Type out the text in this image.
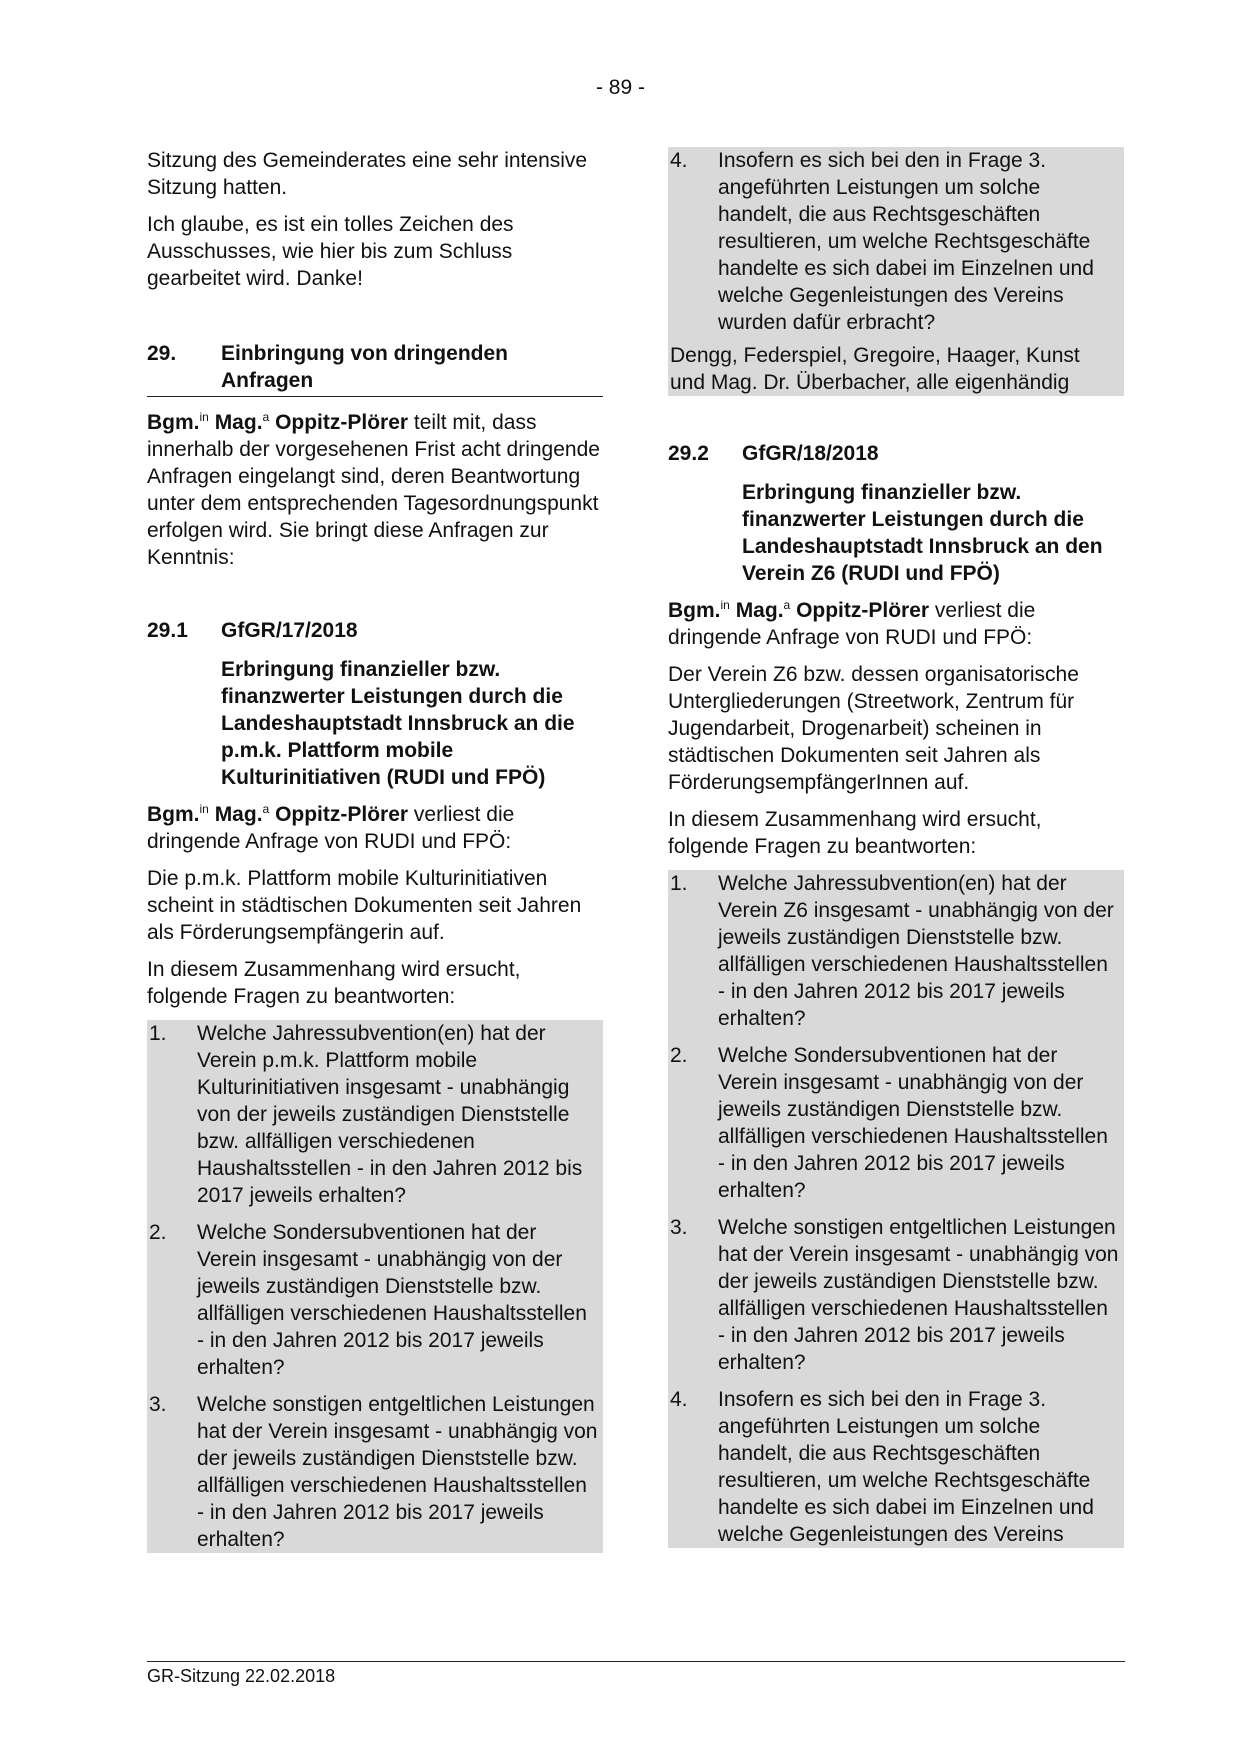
- 89 -

Sitzung des Gemeinderates eine sehr intensive Sitzung hatten.

Ich glaube, es ist ein tolles Zeichen des Ausschusses, wie hier bis zum Schluss gearbeitet wird. Danke!

29.	Einbringung von dringenden Anfragen

Bgm.$^{in}$ Mag.$^a$ Oppitz-Plörer teilt mit, dass innerhalb der vorgesehenen Frist acht dringende Anfragen eingelangt sind, deren Beantwortung unter dem entsprechenden Tagesordnungspunkt erfolgen wird. Sie bringt diese Anfragen zur Kenntnis:

29.1	GfGR/17/2018

Erbringung finanzieller bzw. finanzwerter Leistungen durch die Landeshauptstadt Innsbruck an die p.m.k. Plattform mobile Kulturinitiativen (RUDI und FPÖ)

Bgm.$^{in}$ Mag.$^a$ Oppitz-Plörer verliest die dringende Anfrage von RUDI und FPÖ:

Die p.m.k. Plattform mobile Kulturinitiativen scheint in städtischen Dokumenten seit Jahren als Förderungsempfängerin auf.

In diesem Zusammenhang wird ersucht, folgende Fragen zu beantworten:

1.	Welche Jahressubvention(en) hat der Verein p.m.k. Plattform mobile Kulturinitiativen insgesamt - unabhängig von der jeweils zuständigen Dienststelle bzw. allfälligen verschiedenen Haushaltsstellen - in den Jahren 2012 bis 2017 jeweils erhalten?
2.	Welche Sondersubventionen hat der Verein insgesamt - unabhängig von der jeweils zuständigen Dienststelle bzw. allfälligen verschiedenen Haushaltsstellen - in den Jahren 2012 bis 2017 jeweils erhalten?
3.	Welche sonstigen entgeltlichen Leistungen hat der Verein insgesamt - unabhängig von der jeweils zuständigen Dienststelle bzw. allfälligen verschiedenen Haushaltsstellen - in den Jahren 2012 bis 2017 jeweils erhalten?
4.	Insofern es sich bei den in Frage 3. angeführten Leistungen um solche handelt, die aus Rechtsgeschäften resultieren, um welche Rechtsgeschäfte handelte es sich dabei im Einzelnen und welche Gegenleistungen des Vereins wurden dafür erbracht?
Dengg, Federspiel, Gregoire, Haager, Kunst und Mag. Dr. Überbacher, alle eigenhändig
29.2	GfGR/18/2018

Erbringung finanzieller bzw. finanzwerter Leistungen durch die Landeshauptstadt Innsbruck an den Verein Z6 (RUDI und FPÖ)

Bgm.$^{in}$ Mag.$^a$ Oppitz-Plörer verliest die dringende Anfrage von RUDI und FPÖ:

Der Verein Z6 bzw. dessen organisatorische Untergliederungen (Streetwork, Zentrum für Jugendarbeit, Drogenarbeit) scheinen in städtischen Dokumenten seit Jahren als FörderungsempfängerInnen auf.

In diesem Zusammenhang wird ersucht, folgende Fragen zu beantworten:

1.	Welche Jahressubvention(en) hat der Verein Z6 insgesamt - unabhängig von der jeweils zuständigen Dienststelle bzw. allfälligen verschiedenen Haushaltsstellen - in den Jahren 2012 bis 2017 jeweils erhalten?
2.	Welche Sondersubventionen hat der Verein insgesamt - unabhängig von der jeweils zuständigen Dienststelle bzw. allfälligen verschiedenen Haushaltsstellen - in den Jahren 2012 bis 2017 jeweils erhalten?
3.	Welche sonstigen entgeltlichen Leistungen hat der Verein insgesamt - unabhängig von der jeweils zuständigen Dienststelle bzw. allfälligen verschiedenen Haushaltsstellen - in den Jahren 2012 bis 2017 jeweils erhalten?
4.	Insofern es sich bei den in Frage 3. angeführten Leistungen um solche handelt, die aus Rechtsgeschäften resultieren, um welche Rechtsgeschäfte handelte es sich dabei im Einzelnen und welche Gegenleistungen des Vereins
GR-Sitzung 22.02.2018
